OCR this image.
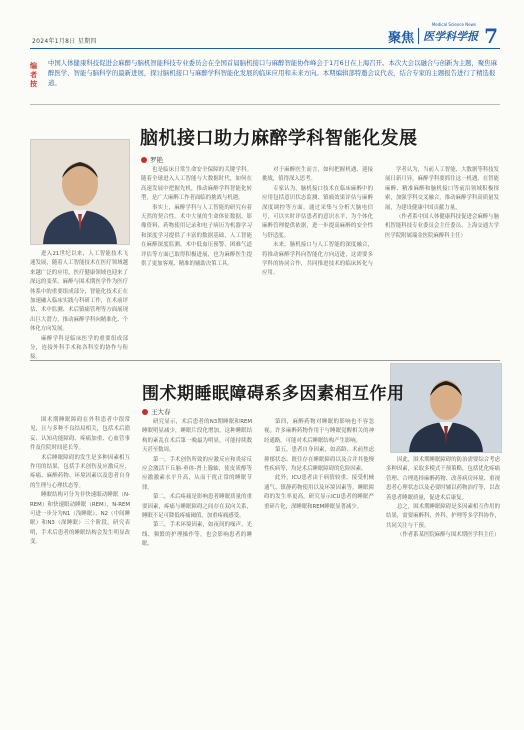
2024年1月8日 星期四	聚焦 医学科学报
Medical Science News 7
编者按
中国人体健康科技促进会麻醉与脑机智能科技专业委员会在全国首届脑机接口与麻醉智能协作峰会于1月6日在上海召开。本次大会以融合与创新为主题，聚焦麻醉医学、智能与脑科学的最新进展，探讨脑机接口与麻醉学科智能化发展的临床应用和未来方向。本期编辑部特邀会议代表，结合专家的主题报告进行了精选报道。
脑机接口助力麻醉学科智能化发展
罗艳

进入21世纪以来，人工智能技术飞速发展，随着人工智能技术在医疗领域越来越广泛的应用，医疗健康领域也迎来了深远的变革。麻醉与围术期医学作为医疗体系中的重要组成部分，智能化技术正在加速融入临床实践与科研工作，在术前评估、术中监测、术后镇痛管理等方面展现出巨大潜力，推动麻醉学科向精准化、个体化方向发展。

麻醉学科是临床医学的重要组成部分，连接外科手术和各科室的协作与衔接。

也是临床日常生命安全保障的关键学科。随着全球进入人工智能与大数据时代，如何在高速发展中把握先机，推动麻醉学科智能化转型，是广大麻醉工作者面临的挑战与机遇。

事实上，麻醉学科与人工智能的研究有着天然的契合性。术中大量的生命体征数据、影像资料、药物使用记录和电子病历为机器学习和深度学习提供了丰富的数据基础，人工智能在麻醉深度监测、术中低血压预警、困难气道评估等方面已取得积极进展，也为麻醉医生提供了更加客观、精准的辅助决策工具。

对于麻醉医生而言，如何把握机遇、迎接挑战，值得深入思考。

专家认为，脑机接口技术在临床麻醉中的应用包括意识状态监测、镇痛效果评估与麻醉深度调控等方面。通过采集与分析大脑电信号，可以实时评估患者的意识水平，为个体化麻醉管理提供依据，进一步提高麻醉的安全性与舒适度。

未来，脑机接口与人工智能的深度融合，将推动麻醉学科向智能化方向迈进，这需要多学科的协同合作，共同推进技术的临床转化与应用。

学者认为，当前人工智能、大数据等科技发展日新月异，麻醉学科要抓住这一机遇，在智能麻醉、精准麻醉和脑机接口等前沿领域积极探索，加强学科交叉融合，推动麻醉学科高质量发展，为建设健康中国贡献力量。

（作者系中国人体健康科技促进会麻醉与脑机智能科技专业委员会主任委员、上海交通大学医学院附属瑞金医院麻醉科主任）

围术期睡眠障碍系多因素相互作用
王大春

围术期睡眠障碍在外科患者中很常见，且与多种不良结局相关，包括术后谵妄、认知功能障碍、疼痛加重、心血管事件及住院时间延长等。

术后睡眠障碍的发生是多种因素相互作用的结果，包括手术创伤及应激反应、疼痛、麻醉药物、环境因素以及患者自身的生理与心理状态等。

睡眠结构可分为非快速眼动睡眠（N-REM）和快速眼动睡眠（REM），N-REM可进一步分为N1（浅睡眠）、N2（中间睡眠）和N3（深睡眠）三个阶段。研究表明，手术后患者的睡眠结构会发生明显改变。

研究显示，术后患者的N3期睡眠和REM睡眠明显减少，睡眠片段化增加，这种睡眠结构的紊乱在术后第一晚最为明显，可能持续数天甚至数周。

第一，手术创伤所致的应激反应和炎症反应会激活下丘脑-垂体-肾上腺轴，使皮质醇等应激激素水平升高，从而干扰正常的睡眠节律。

第二，术后疼痛是影响患者睡眠质量的重要因素，疼痛与睡眠障碍之间存在双向关系，睡眠不足可降低疼痛阈值，加重疼痛感受。

第三，手术环境因素，如夜间的噪声、光线、频繁的护理操作等，也会影响患者的睡眠。

第四，麻醉药物对睡眠的影响也不容忽视。许多麻醉药物作用于与睡眠觉醒相关的神经通路，可能对术后睡眠结构产生影响。

第五，患者自身因素，如高龄、术前焦虑抑郁状态、既往存在睡眠障碍以及合并其他慢性疾病等，均是术后睡眠障碍的危险因素。

此外，ICU患者由于病情较重、接受机械通气、镇静药物使用以及环境因素等，睡眠障碍的发生率更高，研究显示ICU患者的睡眠严重碎片化，深睡眠和REM睡眠显著减少。

因此，围术期睡眠障碍的防治需要综合考虑多种因素，采取多模式干预策略，包括优化疼痛管理、合理选择麻醉药物、改善病房环境、重视患者心理状态以及必要时辅以药物治疗等，以改善患者睡眠质量，促进术后康复。

总之，围术期睡眠障碍是多因素相互作用的结果，需要麻醉科、外科、护理等多学科协作，共同关注与干预。

（作者系某医院麻醉与围术期医学科主任）
